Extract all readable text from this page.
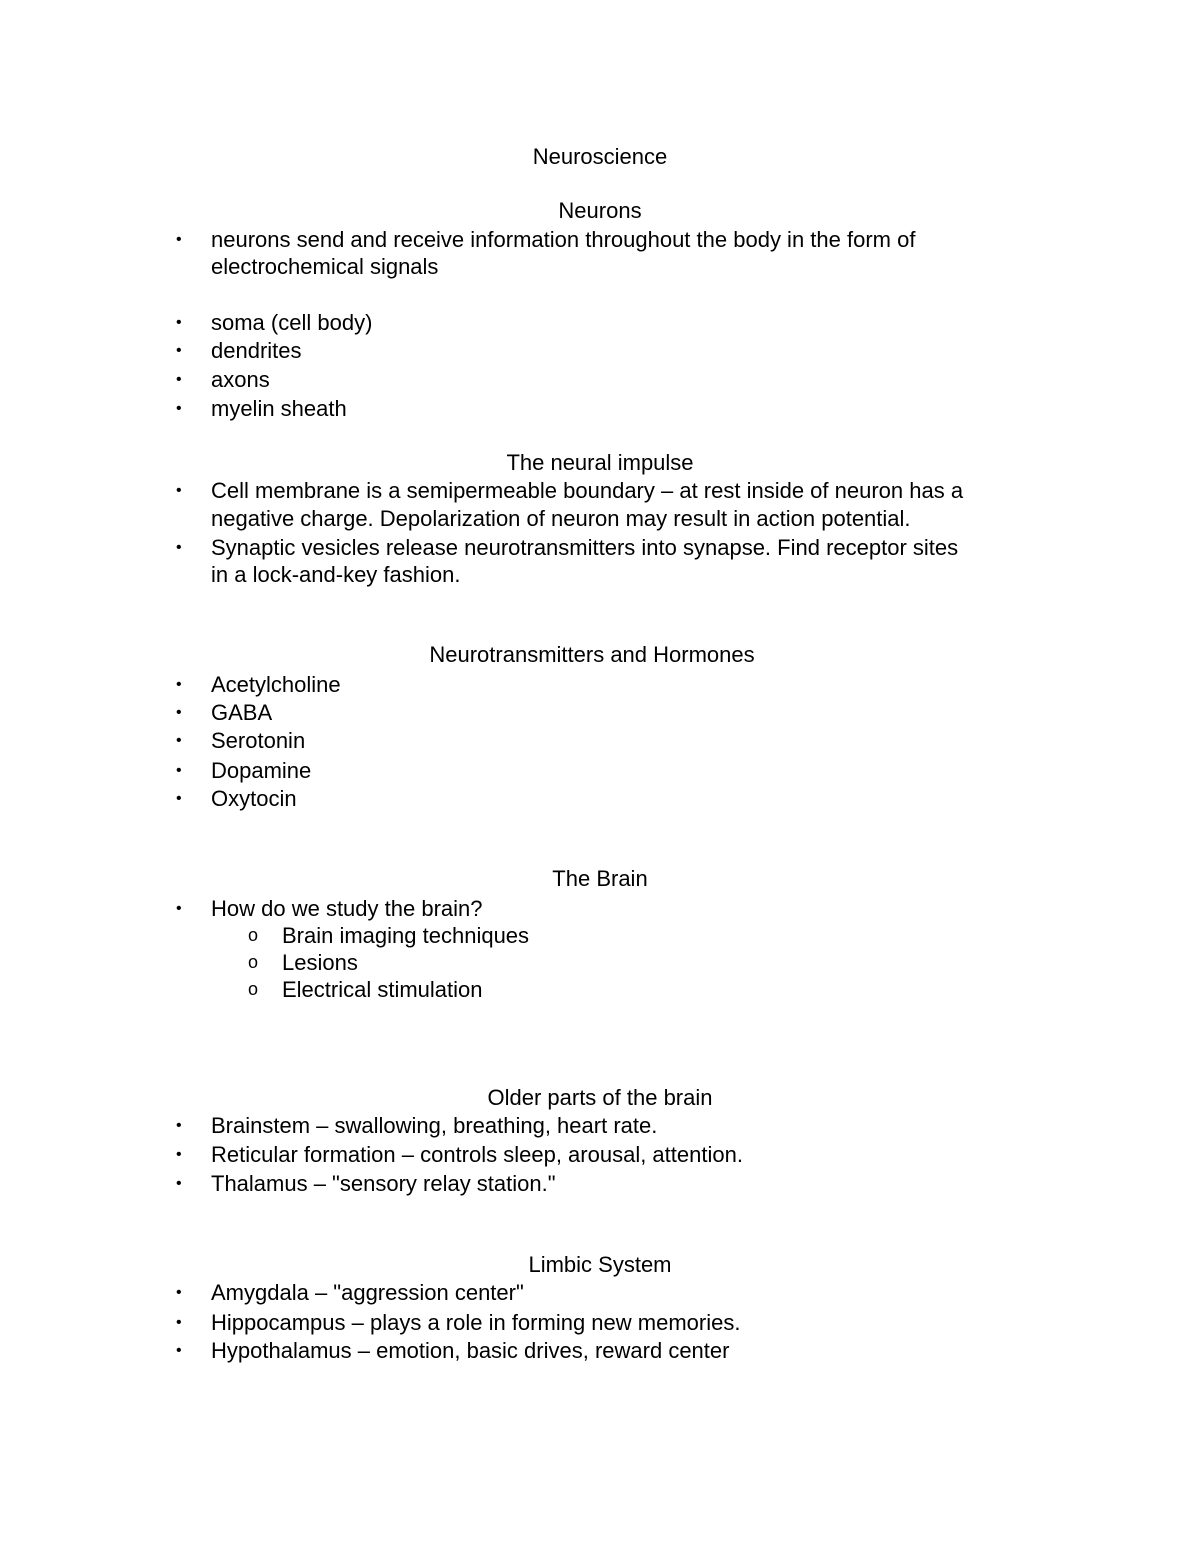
Neuroscience
Neurons
• neurons send and receive information throughout the body in the form of
electrochemical signals
• soma (cell body)
• dendrites
• axons
• myelin sheath
The neural impulse
• Cell membrane is a semipermeable boundary – at rest inside of neuron has a
negative charge. Depolarization of neuron may result in action potential.
• Synaptic vesicles release neurotransmitters into synapse. Find receptor sites
in a lock-and-key fashion.
Neurotransmitters and Hormones
• Acetylcholine
• GABA
• Serotonin
• Dopamine
• Oxytocin
The Brain
• How do we study the brain?
o Brain imaging techniques
o Lesions
o Electrical stimulation
Older parts of the brain
• Brainstem – swallowing, breathing, heart rate.
• Reticular formation – controls sleep, arousal, attention.
• Thalamus – "sensory relay station."
Limbic System
• Amygdala – "aggression center"
• Hippocampus – plays a role in forming new memories.
• Hypothalamus – emotion, basic drives, reward center
